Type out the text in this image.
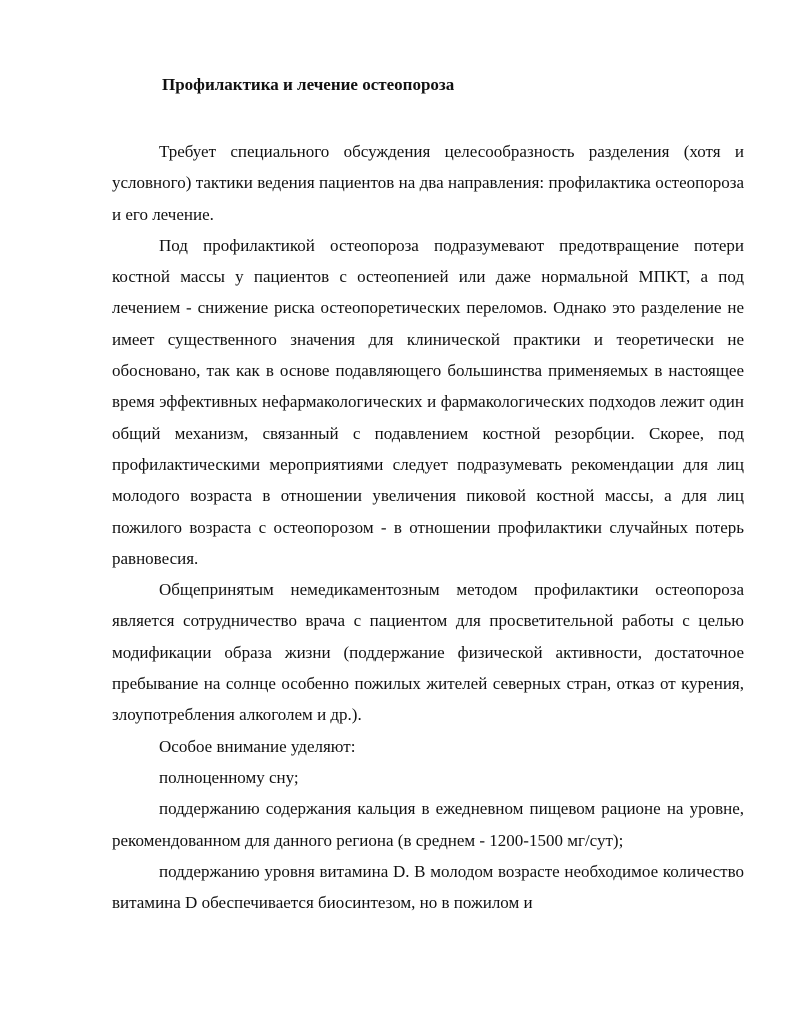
Профилактика и лечение остеопороза

Требует специального обсуждения целесообразность разделения (хотя и условного) тактики ведения пациентов на два направления: профилактика остеопороза и его лечение.

Под профилактикой остеопороза подразумевают предотвращение потери костной массы у пациентов с остеопенией или даже нормальной МПКТ, а под лечением - снижение риска остеопоретических переломов. Однако это разделение не имеет существенного значения для клинической практики и теоретически не обосновано, так как в основе подавляющего большинства применяемых в настоящее время эффективных нефармакологических и фармакологических подходов лежит один общий механизм, связанный с подавлением костной резорбции. Скорее, под профилактическими мероприятиями следует подразумевать рекомендации для лиц молодого возраста в отношении увеличения пиковой костной массы, а для лиц пожилого возраста с остеопорозом - в отношении профилактики случайных потерь равновесия.

Общепринятым немедикаментозным методом профилактики остеопороза является сотрудничество врача с пациентом для просветительной работы с целью модификации образа жизни (поддержание физической активности, достаточное пребывание на солнце особенно пожилых жителей северных стран, отказ от курения, злоупотребления алкоголем и др.).

Особое внимание уделяют:

полноценному сну;

поддержанию содержания кальция в ежедневном пищевом рационе на уровне, рекомендованном для данного региона (в среднем - 1200-1500 мг/сут);

поддержанию уровня витамина D. В молодом возрасте необходимое количество витамина D обеспечивается биосинтезом, но в пожилом и
